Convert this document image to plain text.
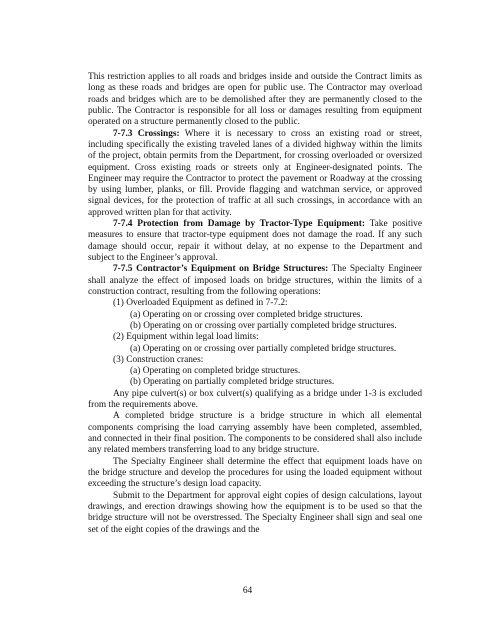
This restriction applies to all roads and bridges inside and outside the Contract limits as long as these roads and bridges are open for public use. The Contractor may overload roads and bridges which are to be demolished after they are permanently closed to the public. The Contractor is responsible for all loss or damages resulting from equipment operated on a structure permanently closed to the public.

7-7.3 Crossings: Where it is necessary to cross an existing road or street, including specifically the existing traveled lanes of a divided highway within the limits of the project, obtain permits from the Department, for crossing overloaded or oversized equipment. Cross existing roads or streets only at Engineer-designated points. The Engineer may require the Contractor to protect the pavement or Roadway at the crossing by using lumber, planks, or fill. Provide flagging and watchman service, or approved signal devices, for the protection of traffic at all such crossings, in accordance with an approved written plan for that activity.

7-7.4 Protection from Damage by Tractor-Type Equipment: Take positive measures to ensure that tractor-type equipment does not damage the road. If any such damage should occur, repair it without delay, at no expense to the Department and subject to the Engineer’s approval.

7-7.5 Contractor’s Equipment on Bridge Structures: The Specialty Engineer shall analyze the effect of imposed loads on bridge structures, within the limits of a construction contract, resulting from the following operations:

(1) Overloaded Equipment as defined in 7-7.2:

(a) Operating on or crossing over completed bridge structures.

(b) Operating on or crossing over partially completed bridge structures.

(2) Equipment within legal load limits:

(a) Operating on or crossing over partially completed bridge structures.

(3) Construction cranes:

(a) Operating on completed bridge structures.

(b) Operating on partially completed bridge structures.

Any pipe culvert(s) or box culvert(s) qualifying as a bridge under 1-3 is excluded from the requirements above.

A completed bridge structure is a bridge structure in which all elemental components comprising the load carrying assembly have been completed, assembled, and connected in their final position. The components to be considered shall also include any related members transferring load to any bridge structure.

The Specialty Engineer shall determine the effect that equipment loads have on the bridge structure and develop the procedures for using the loaded equipment without exceeding the structure’s design load capacity.

Submit to the Department for approval eight copies of design calculations, layout drawings, and erection drawings showing how the equipment is to be used so that the bridge structure will not be overstressed. The Specialty Engineer shall sign and seal one set of the eight copies of the drawings and the

64
